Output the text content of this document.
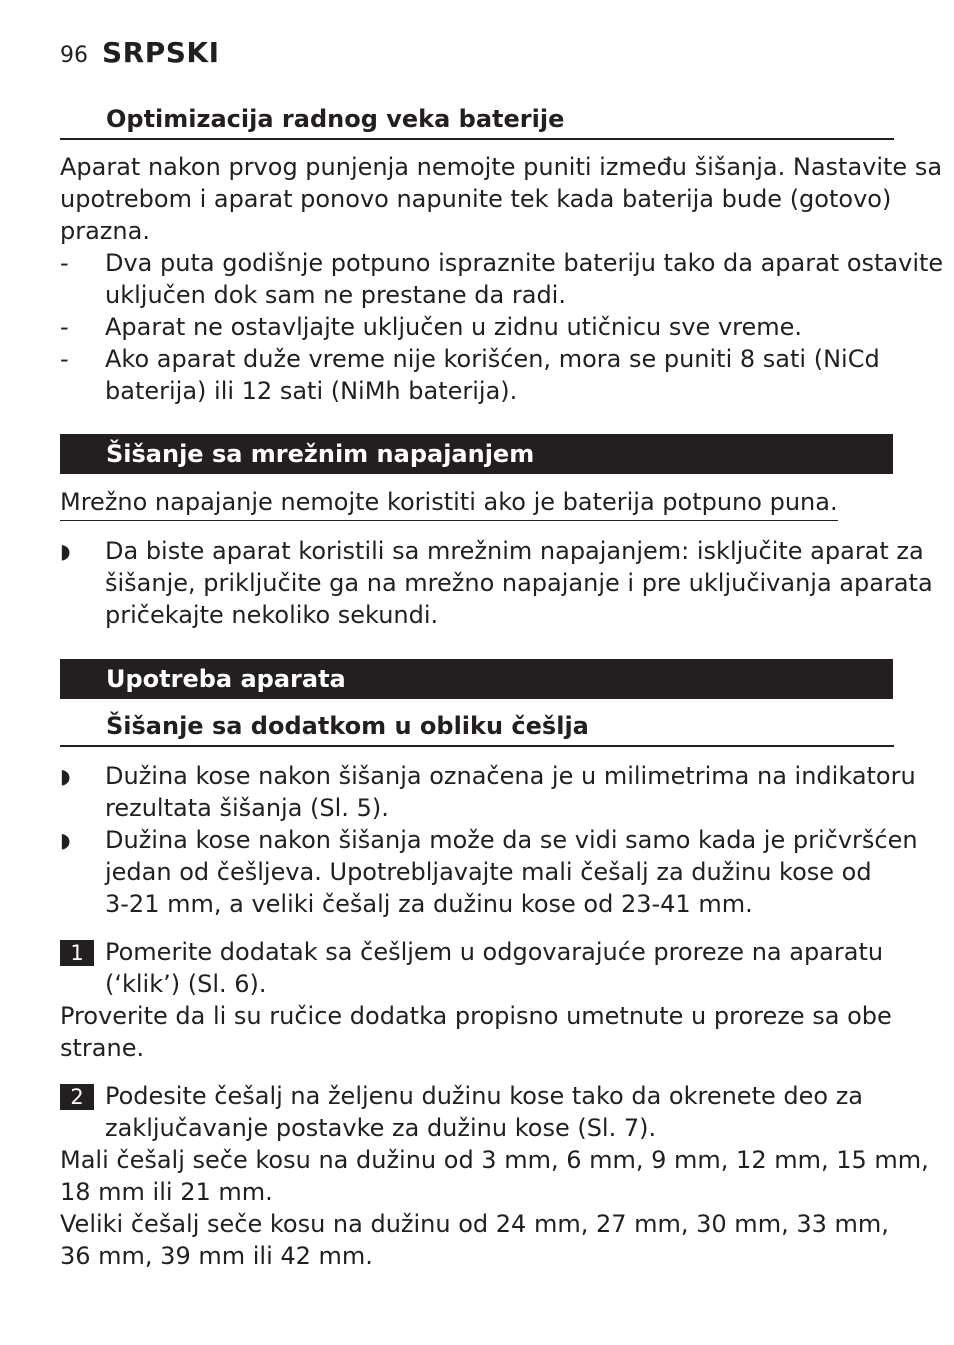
96 SRPSKI
Optimizacija radnog veka baterije
Aparat nakon prvog punjenja nemojte puniti između šišanja. Nastavite sa
upotrebom i aparat ponovo napunite tek kada baterija bude (gotovo)
prazna.
- Dva puta godišnje potpuno ispraznite bateriju tako da aparat ostavite
uključen dok sam ne prestane da radi.
- Aparat ne ostavljajte uključen u zidnu utičnicu sve vreme.
- Ako aparat duže vreme nije korišćen, mora se puniti 8 sati (NiCd
baterija) ili 12 sati (NiMh baterija).
Šišanje sa mrežnim napajanjem
Mrežno napajanje nemojte koristiti ako je baterija potpuno puna.
◗ Da biste aparat koristili sa mrežnim napajanjem: isključite aparat za
šišanje, priključite ga na mrežno napajanje i pre uključivanja aparata
pričekajte nekoliko sekundi.
Upotreba aparata
Šišanje sa dodatkom u obliku češlja
◗ Dužina kose nakon šišanja označena je u milimetrima na indikatoru
rezultata šišanja (Sl. 5).
◗ Dužina kose nakon šišanja može da se vidi samo kada je pričvršćen
jedan od češljeva. Upotrebljavajte mali češalj za dužinu kose od
3-21 mm, a veliki češalj za dužinu kose od 23-41 mm.
1 Pomerite dodatak sa češljem u odgovarajuće proreze na aparatu
(‘klik’) (Sl. 6).
Proverite da li su ručice dodatka propisno umetnute u proreze sa obe
strane.
2 Podesite češalj na željenu dužinu kose tako da okrenete deo za
zaključavanje postavke za dužinu kose (Sl. 7).
Mali češalj seče kosu na dužinu od 3 mm, 6 mm, 9 mm, 12 mm, 15 mm,
18 mm ili 21 mm.
Veliki češalj seče kosu na dužinu od 24 mm, 27 mm, 30 mm, 33 mm,
36 mm, 39 mm ili 42 mm.
